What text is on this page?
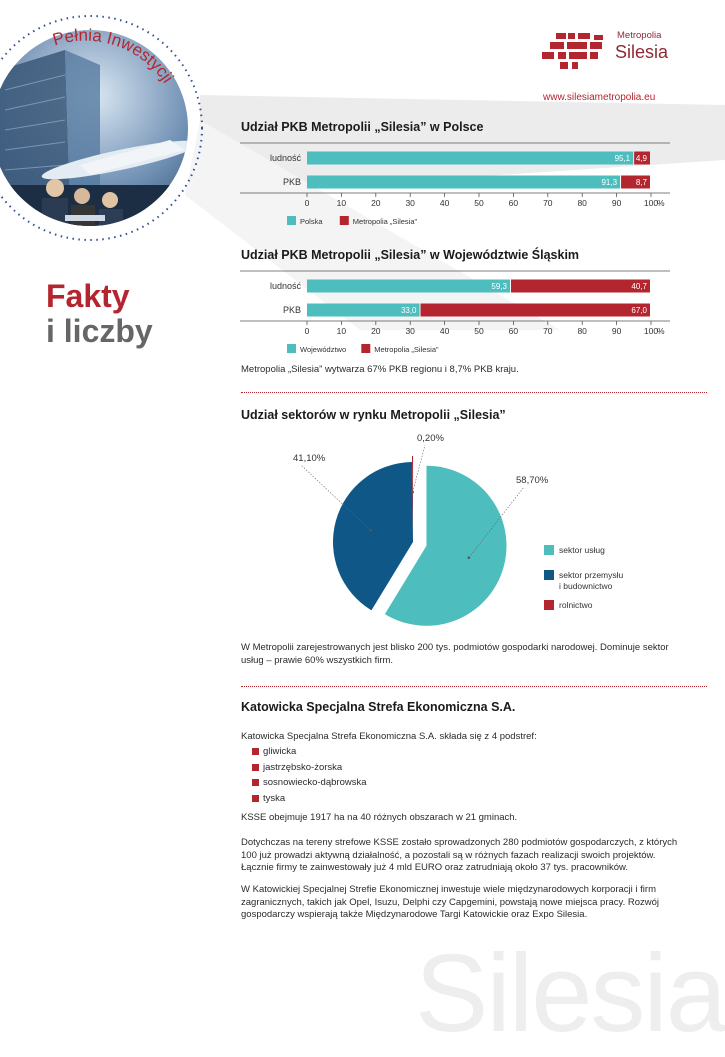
Silesia
Pełnia Inwestycji
Metropolia
Silesia
www.silesiametropolia.eu
Fakty
i liczby
Udział PKB Metropolii „Silesia” w Polsce
ludność	95,1 4,9
PKB	91,3 8,7
0	10	20	30	40	50	60	70	80	90	100
%
Polska	Metropolia „Silesia”
Udział PKB Metropolii „Silesia” w Województwie Śląskim
ludność	59,3	40,7
PKB	33,0	67,0
0	10	20	30	40	50	60	70	80	90	100
%
Województwo	Metropolia „Silesia”
Metropolia „Silesia” wytwarza 67% PKB regionu i 8,7% PKB kraju.
Udział sektorów w rynku Metropolii „Silesia”
58,70%
41,10%
0,20%
sektor usług
sektor przemysłu
i budownictwo
rolnictwo
W Metropolii zarejestrowanych jest blisko 200 tys. podmiotów gospodarki narodowej. Dominuje sektor usług – prawie 60% wszystkich firm.
Katowicka Specjalna Strefa Ekonomiczna S.A.
Katowicka Specjalna Strefa Ekonomiczna S.A. składa się z 4 podstref:
gliwicka
jastrzębsko-żorska
sosnowiecko-dąbrowska
tyska
KSSE obejmuje 1917 ha na 40 różnych obszarach w 21 gminach.
Dotychczas na tereny strefowe KSSE zostało sprowadzonych 280 podmiotów gospodarczych, z których 100 już prowadzi aktywną działalność, a pozostali są w różnych fazach realizacji swoich projektów. Łącznie firmy te zainwestowały już 4 mld EURO oraz zatrudniają około 37 tys. pracowników.
W Katowickiej Specjalnej Strefie Ekonomicznej inwestuje wiele międzynarodowych korporacji i firm zagranicznych, takich jak Opel, Isuzu, Delphi czy Capgemini, powstają nowe miejsca pracy. Rozwój gospodarczy wspierają także Międzynarodowe Targi Katowickie oraz Expo Silesia.
